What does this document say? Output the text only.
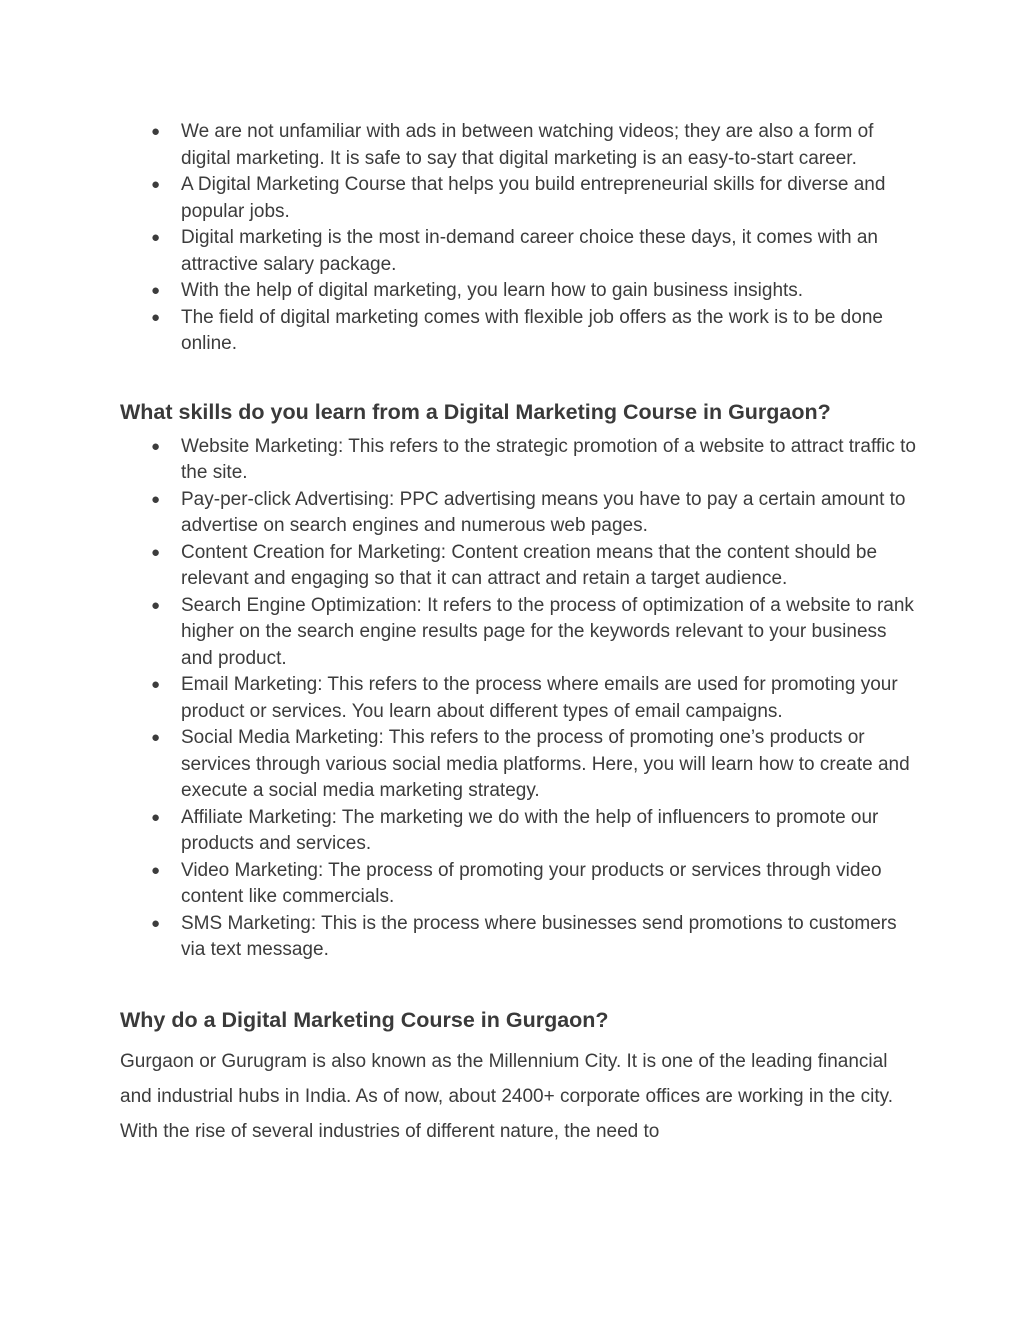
● We are not unfamiliar with ads in between watching videos; they are also a form of digital marketing. It is safe to say that digital marketing is an easy-to-start career.
● A Digital Marketing Course that helps you build entrepreneurial skills for diverse and popular jobs.
● Digital marketing is the most in-demand career choice these days, it comes with an attractive salary package.
● With the help of digital marketing, you learn how to gain business insights.
● The field of digital marketing comes with flexible job offers as the work is to be done online.
What skills do you learn from a Digital Marketing Course in Gurgaon?
● Website Marketing: This refers to the strategic promotion of a website to attract traffic to the site.
● Pay-per-click Advertising: PPC advertising means you have to pay a certain amount to advertise on search engines and numerous web pages.
● Content Creation for Marketing: Content creation means that the content should be relevant and engaging so that it can attract and retain a target audience.
● Search Engine Optimization: It refers to the process of optimization of a website to rank higher on the search engine results page for the keywords relevant to your business and product.
● Email Marketing: This refers to the process where emails are used for promoting your product or services. You learn about different types of email campaigns.
● Social Media Marketing: This refers to the process of promoting one’s products or services through various social media platforms. Here, you will learn how to create and execute a social media marketing strategy.
● Affiliate Marketing: The marketing we do with the help of influencers to promote our products and services.
● Video Marketing: The process of promoting your products or services through video content like commercials.
● SMS Marketing: This is the process where businesses send promotions to customers via text message.
Why do a Digital Marketing Course in Gurgaon?

Gurgaon or Gurugram is also known as the Millennium City. It is one of the leading financial and industrial hubs in India. As of now, about 2400+ corporate offices are working in the city. With the rise of several industries of different nature, the need to
